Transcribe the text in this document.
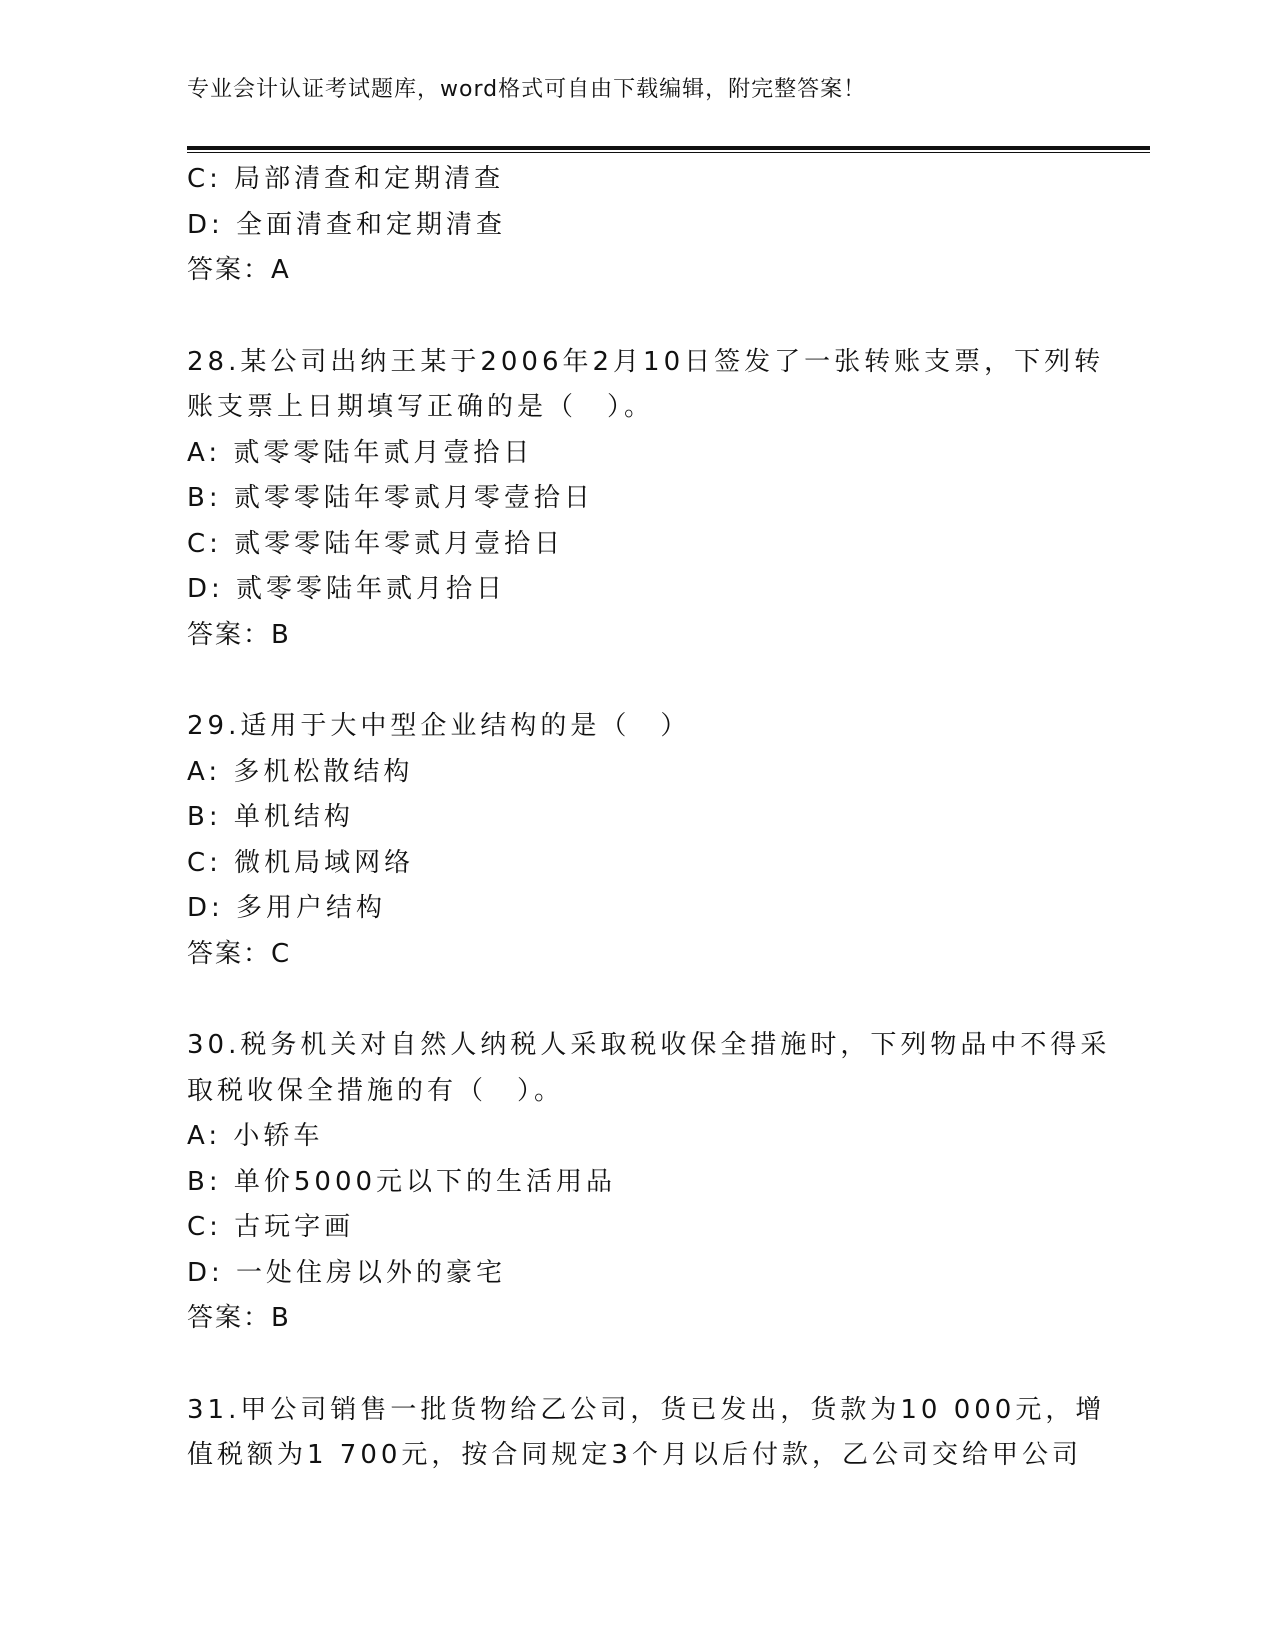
专业会计认证考试题库，word格式可自由下载编辑，附完整答案！
C: 局部清查和定期清查
D: 全面清查和定期清查
答案：A
28.某公司出纳王某于2006年2月10日签发了一张转账支票，下列转
账支票上日期填写正确的是（　）。
A: 贰零零陆年贰月壹拾日
B: 贰零零陆年零贰月零壹拾日
C: 贰零零陆年零贰月壹拾日
D: 贰零零陆年贰月拾日
答案：B
29.适用于大中型企业结构的是（　）
A: 多机松散结构
B: 单机结构
C: 微机局域网络
D: 多用户结构
答案：C
30.税务机关对自然人纳税人采取税收保全措施时，下列物品中不得采
取税收保全措施的有（　）。
A: 小轿车
B: 单价5000元以下的生活用品
C: 古玩字画
D: 一处住房以外的豪宅
答案：B
31.甲公司销售一批货物给乙公司，货已发出，货款为10 000元，增
值税额为1 700元，按合同规定3个月以后付款，乙公司交给甲公司
